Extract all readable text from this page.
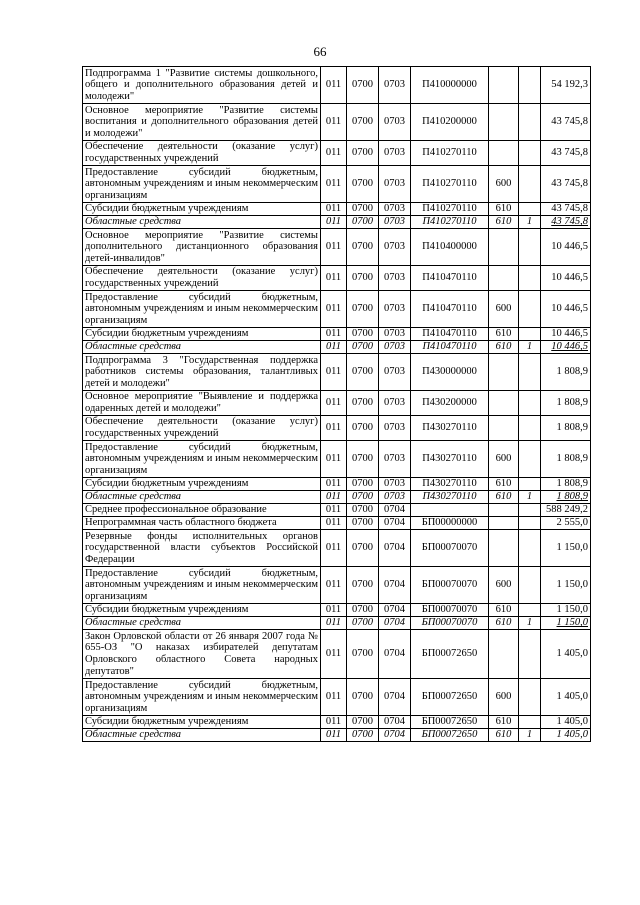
66
Подпрограмма 1 "Развитие системы дошкольного, общего и дополнительного образования детей и молодежи"	011	0700	0703	П410000000			54 192,3
Основное мероприятие "Развитие системы воспитания и дополнительного образования детей и молодежи"	011	0700	0703	П410200000			43 745,8
Обеспечение деятельности (оказание услуг) государственных учреждений	011	0700	0703	П410270110			43 745,8
Предоставление субсидий бюджетным, автономным учреждениям и иным некоммерческим организациям	011	0700	0703	П410270110	600		43 745,8
Субсидии бюджетным учреждениям	011	0700	0703	П410270110	610		43 745,8
Областные средства	011	0700	0703	П410270110	610	1	43 745,8
Основное мероприятие "Развитие системы дополнительного дистанционного образования детей-инвалидов"	011	0700	0703	П410400000			10 446,5
Обеспечение деятельности (оказание услуг) государственных учреждений	011	0700	0703	П410470110			10 446,5
Предоставление субсидий бюджетным, автономным учреждениям и иным некоммерческим организациям	011	0700	0703	П410470110	600		10 446,5
Субсидии бюджетным учреждениям	011	0700	0703	П410470110	610		10 446,5
Областные средства	011	0700	0703	П410470110	610	1	10 446,5
Подпрограмма 3 "Государственная поддержка работников системы образования, талантливых детей и молодежи"	011	0700	0703	П430000000			1 808,9
Основное мероприятие "Выявление и поддержка одаренных детей и молодежи"	011	0700	0703	П430200000			1 808,9
Обеспечение деятельности (оказание услуг) государственных учреждений	011	0700	0703	П430270110			1 808,9
Предоставление субсидий бюджетным, автономным учреждениям и иным некоммерческим организациям	011	0700	0703	П430270110	600		1 808,9
Субсидии бюджетным учреждениям	011	0700	0703	П430270110	610		1 808,9
Областные средства	011	0700	0703	П430270110	610	1	1 808,9
Среднее профессиональное образование	011	0700	0704				588 249,2
Непрограммная часть областного бюджета	011	0700	0704	БП00000000			2 555,0
Резервные фонды исполнительных органов государственной власти субъектов Российской Федерации	011	0700	0704	БП00070070			1 150,0
Предоставление субсидий бюджетным, автономным учреждениям и иным некоммерческим организациям	011	0700	0704	БП00070070	600		1 150,0
Субсидии бюджетным учреждениям	011	0700	0704	БП00070070	610		1 150,0
Областные средства	011	0700	0704	БП00070070	610	1	1 150,0
Закон Орловской области от 26 января 2007 года № 655-ОЗ "О наказах избирателей депутатам Орловского областного Совета народных депутатов"	011	0700	0704	БП00072650			1 405,0
Предоставление субсидий бюджетным, автономным учреждениям и иным некоммерческим организациям	011	0700	0704	БП00072650	600		1 405,0
Субсидии бюджетным учреждениям	011	0700	0704	БП00072650	610		1 405,0
Областные средства	011	0700	0704	БП00072650	610	1	1 405,0
